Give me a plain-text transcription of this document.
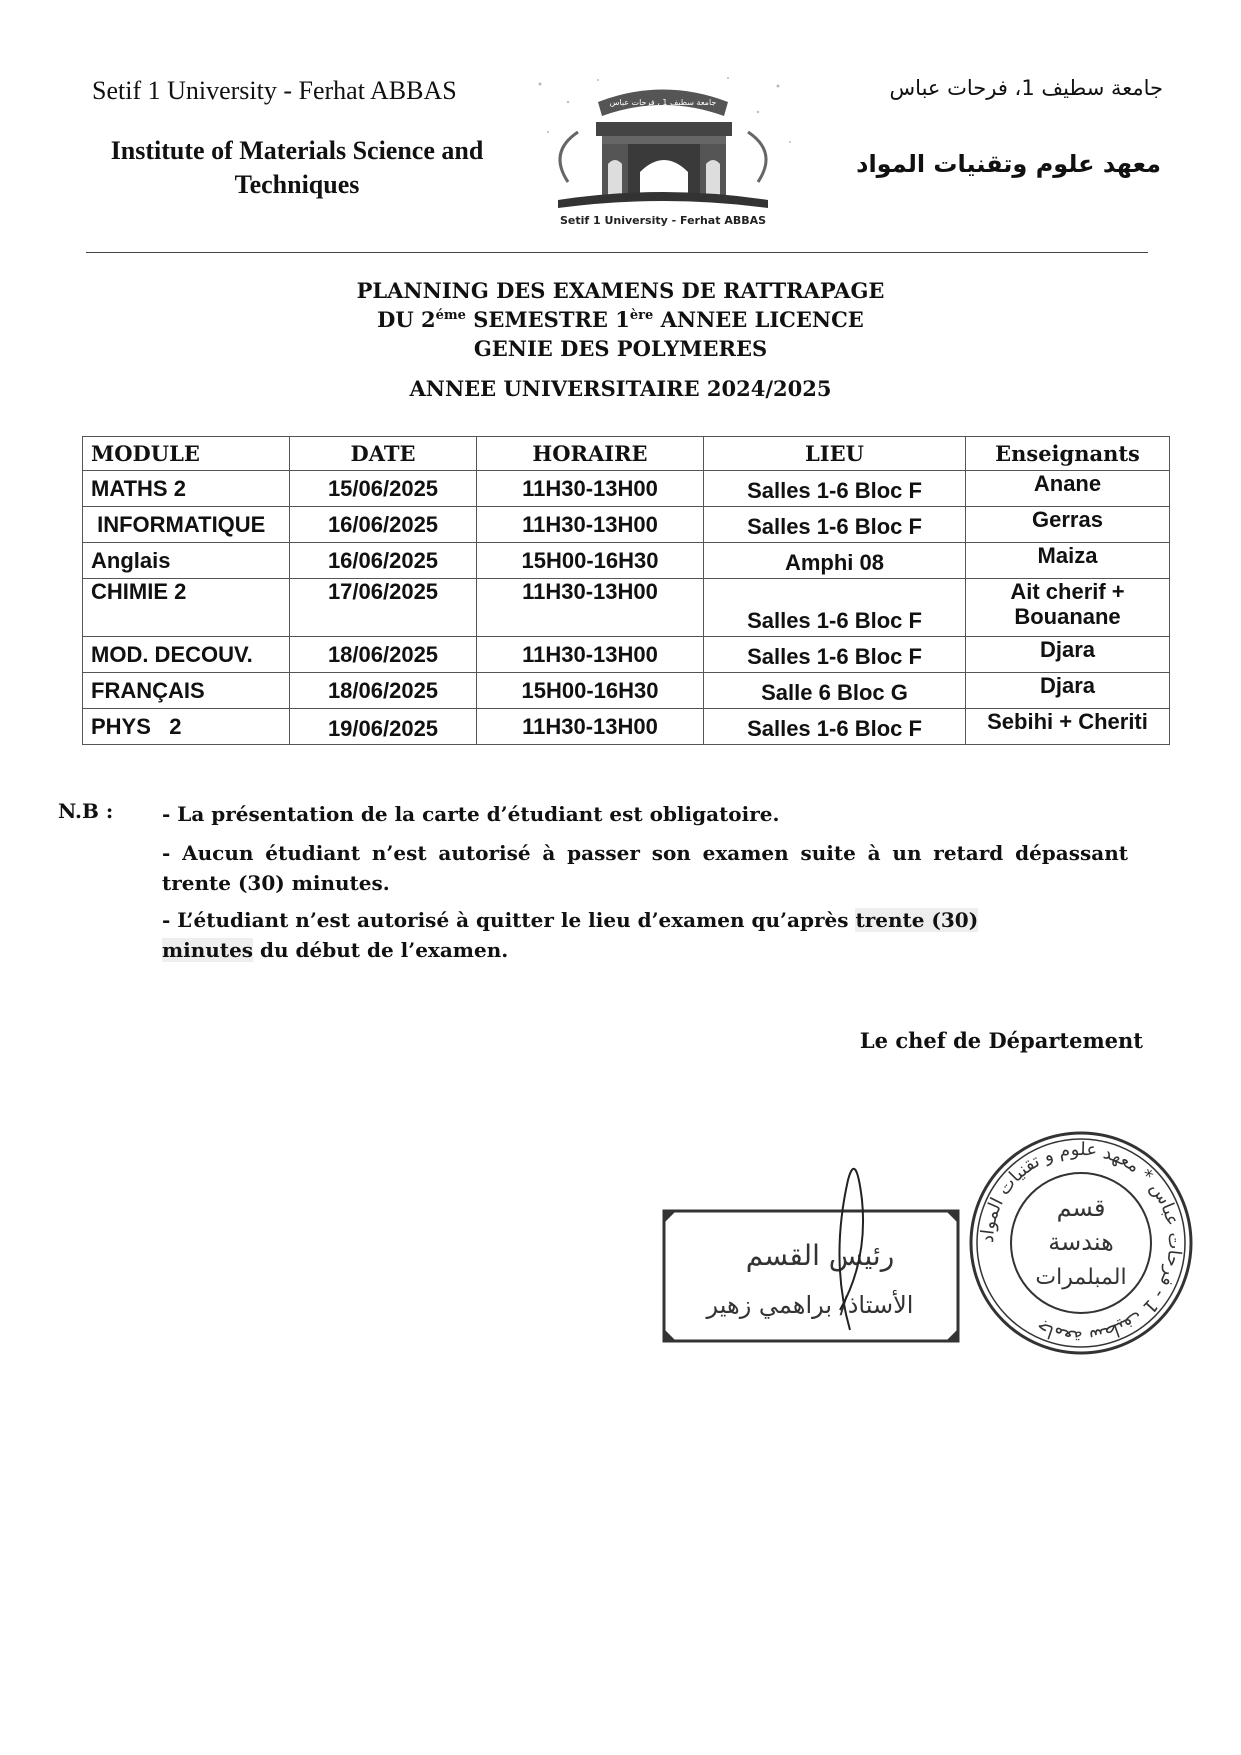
Setif 1 University - Ferhat ABBAS
Institute of Materials Science and Techniques
جامعة سطيف 1، فرحات عباس
معهد علوم وتقنيات المواد
جامعة سطيف 1 ، فرحات عباس
Setif 1 University - Ferhat ABBAS
PLANNING DES EXAMENS DE RATTRAPAGE
DU $2^{éme}$ SEMESTRE 1ère ANNEE LICENCE
GENIE DES POLYMERES
ANNEE UNIVERSITAIRE 2024/2025
MODULE	DATE	HORAIRE	LIEU	Enseignants
MATHS 2	15/06/2025	11H30-13H00	Salles 1-6 Bloc F	Anane
INFORMATIQUE	16/06/2025	11H30-13H00	Salles 1-6 Bloc F	Gerras
Anglais	16/06/2025	15H00-16H30	Amphi 08	Maiza
CHIMIE 2	17/06/2025	11H30-13H00	Salles 1-6 Bloc F	Ait cherif + Bouanane
MOD. DECOUV.	18/06/2025	11H30-13H00	Salles 1-6 Bloc F	Djara
FRANÇAIS	18/06/2025	15H00-16H30	Salle 6 Bloc G	Djara
PHYS   2	19/06/2025	11H30-13H00	Salles 1-6 Bloc F	Sebihi + Cheriti
N.B : - La présentation de la carte d’étudiant est obligatoire.
- Aucun étudiant n’est autorisé à passer son examen suite à un retard dépassant trente (30) minutes.
- L’étudiant n’est autorisé à quitter le lieu d’examen qu’après trente (30)
minutes du début de l’examen.
Le chef de Département
رئيس القسم
الأستاذ/ براهمي زهير
جامعة سطيف 1 - فرحات عباس * معهد علوم و تقنيات المواد
قسم
هندسة
المبلمرات
